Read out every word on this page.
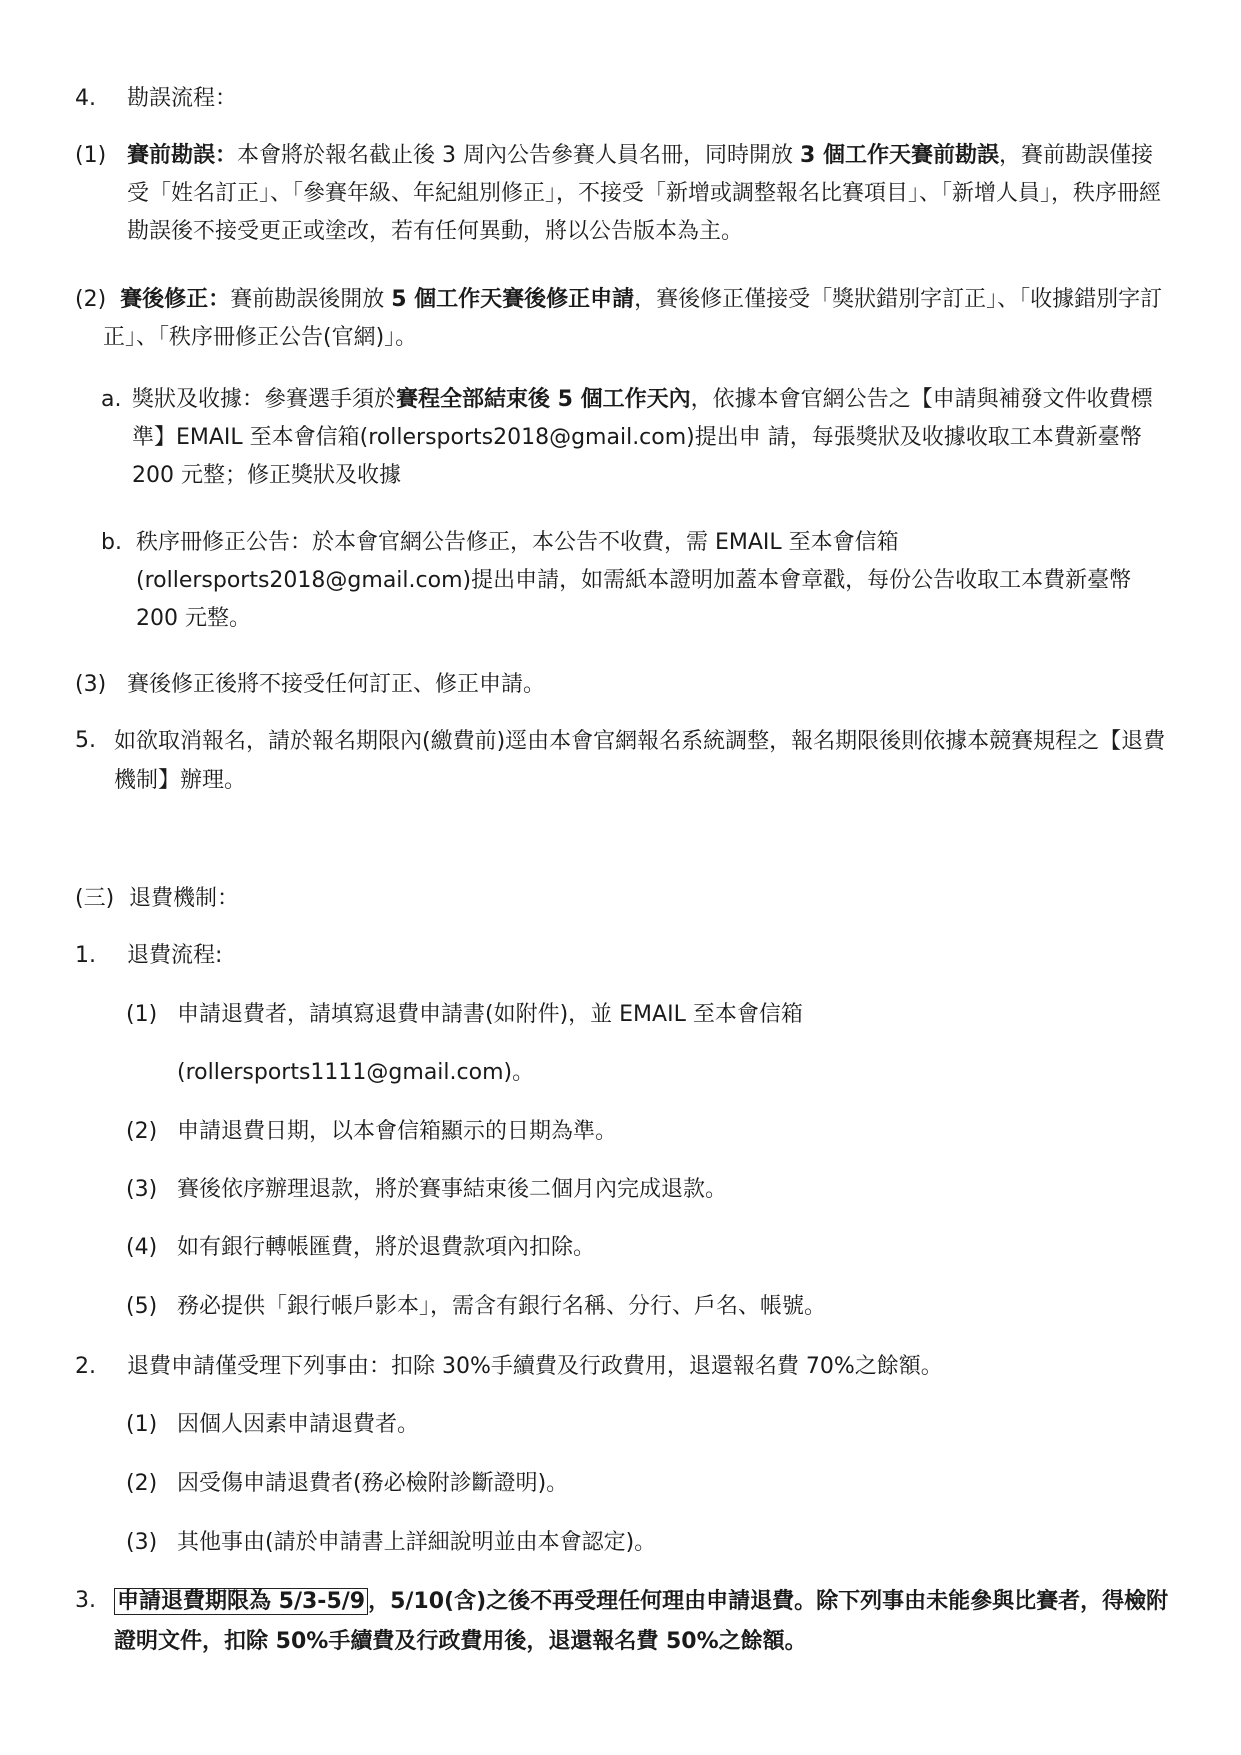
4. 勘誤流程：
(1) 賽前勘誤：本會將於報名截止後 3 周內公告參賽人員名冊，同時開放 3 個工作天賽前勘誤，賽前勘誤僅接受「姓名訂正」、「參賽年級、年紀組別修正」，不接受「新增或調整報名比賽項目」、「新增人員」，秩序冊經勘誤後不接受更正或塗改，若有任何異動，將以公告版本為主。
(2) 賽後修正：賽前勘誤後開放 5 個工作天賽後修正申請，賽後修正僅接受「獎狀錯別字訂正」、「收據錯別字訂正」、「秩序冊修正公告(官網)」。
a. 獎狀及收據：參賽選手須於賽程全部結束後 5 個工作天內，依據本會官網公告之【申請與補發文件收費標準】EMAIL 至本會信箱(rollersports2018@gmail.com)提出申 請，每張獎狀及收據收取工本費新臺幣 200 元整；修正獎狀及收據
b. 秩序冊修正公告：於本會官網公告修正，本公告不收費，需 EMAIL 至本會信箱(rollersports2018@gmail.com)提出申請，如需紙本證明加蓋本會章戳，每份公告收取工本費新臺幣 200 元整。
(3) 賽後修正後將不接受任何訂正、修正申請。
5. 如欲取消報名，請於報名期限內(繳費前)逕由本會官網報名系統調整，報名期限後則依據本競賽規程之【退費機制】辦理。
(三) 退費機制：
1. 退費流程:
(1) 申請退費者，請填寫退費申請書(如附件)，並 EMAIL 至本會信箱
(rollersports1111@gmail.com)。
(2) 申請退費日期，以本會信箱顯示的日期為準。
(3) 賽後依序辦理退款，將於賽事結束後二個月內完成退款。
(4) 如有銀行轉帳匯費，將於退費款項內扣除。
(5) 務必提供「銀行帳戶影本」，需含有銀行名稱、分行、戶名、帳號。
2. 退費申請僅受理下列事由：扣除 30%手續費及行政費用，退還報名費 70%之餘額。
(1) 因個人因素申請退費者。
(2) 因受傷申請退費者(務必檢附診斷證明)。
(3) 其他事由(請於申請書上詳細說明並由本會認定)。
3. 申請退費期限為 5/3-5/9 ，5/10(含)之後不再受理任何理由申請退費。除下列事由未能參與比賽者，得檢附證明文件，扣除 50%手續費及行政費用後，退還報名費 50%之餘額。
